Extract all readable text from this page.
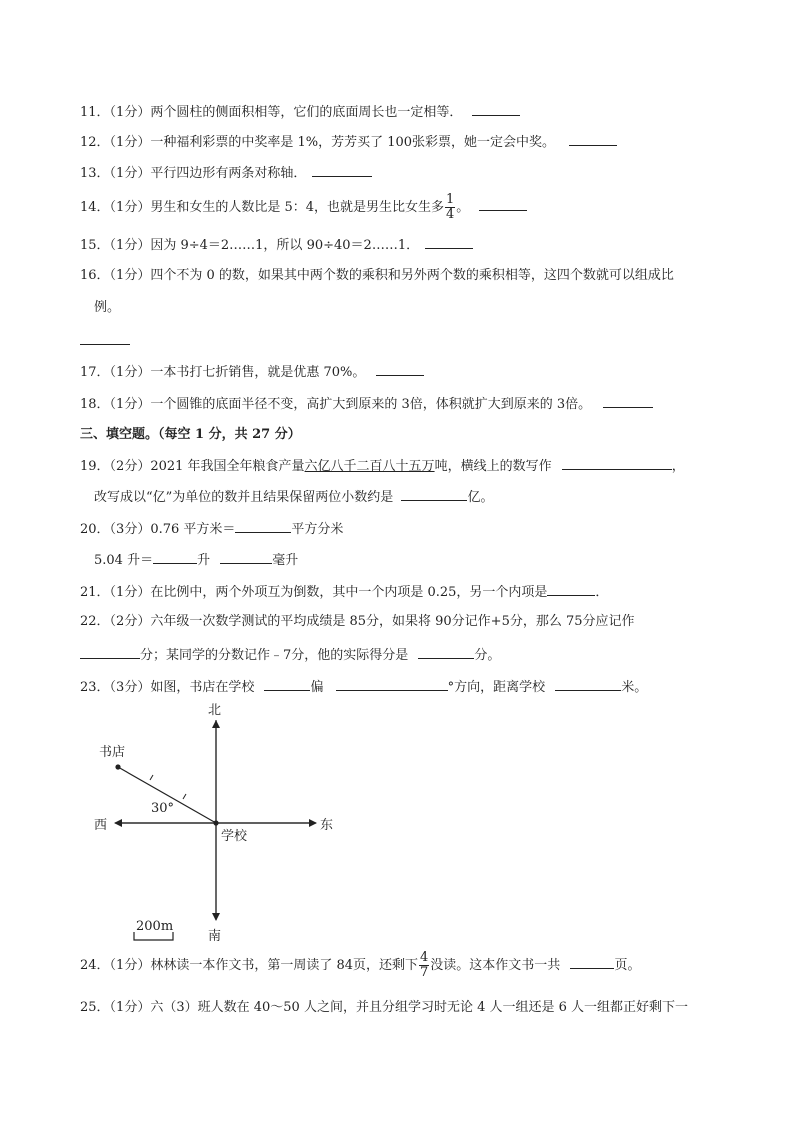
11．（1分）两个圆柱的侧面积相等，它们的底面周长也一定相等．
12．（1分）一种福利彩票的中奖率是 1%，芳芳买了 100张彩票，她一定会中奖。
13．（1分）平行四边形有两条对称轴．
14．（1分）男生和女生的人数比是 5：4，也就是男生比女生多 $\frac{1}{4}$ 。
15．（1分）因为 9÷4＝2……1，所以 90÷40＝2……1．
16．（1分）四个不为 0 的数，如果其中两个数的乘积和另外两个数的乘积相等，这四个数就可以组成比
例。
17．（1分）一本书打七折销售，就是优惠 70%。
18．（1分）一个圆锥的底面半径不变，高扩大到原来的 3倍，体积就扩大到原来的 3倍。
三、填空题。（每空 1 分，共 27 分）
19．（2分）2021 年我国全年粮食产量六亿八千二百八十五万吨，横线上的数写作	，
改写成以“亿”为单位的数并且结果保留两位小数约是	亿。
20．（3分）0.76 平方米＝	平方分米
5.04 升＝	升	毫升
21．（1分）在比例中，两个外项互为倒数，其中一个内项是 0.25，另一个内项是	．
22．（2分）六年级一次数学测试的平均成绩是 85分，如果将 90分记作+5分，那么 75分应记作
分；某同学的分数记作﹣7分，他的实际得分是	分。
23．（3分）如图，书店在学校	偏	°方向，距离学校	米。
北
南
东
西
书店
学校
30°
200m
24．（1分）林林读一本作文书，第一周读了 84页，还剩下 $\frac{4}{7}$ 没读。这本作文书一共	页。
25．（1分）六（3）班人数在 40～50 人之间，并且分组学习时无论 4 人一组还是 6 人一组都正好剩下一
